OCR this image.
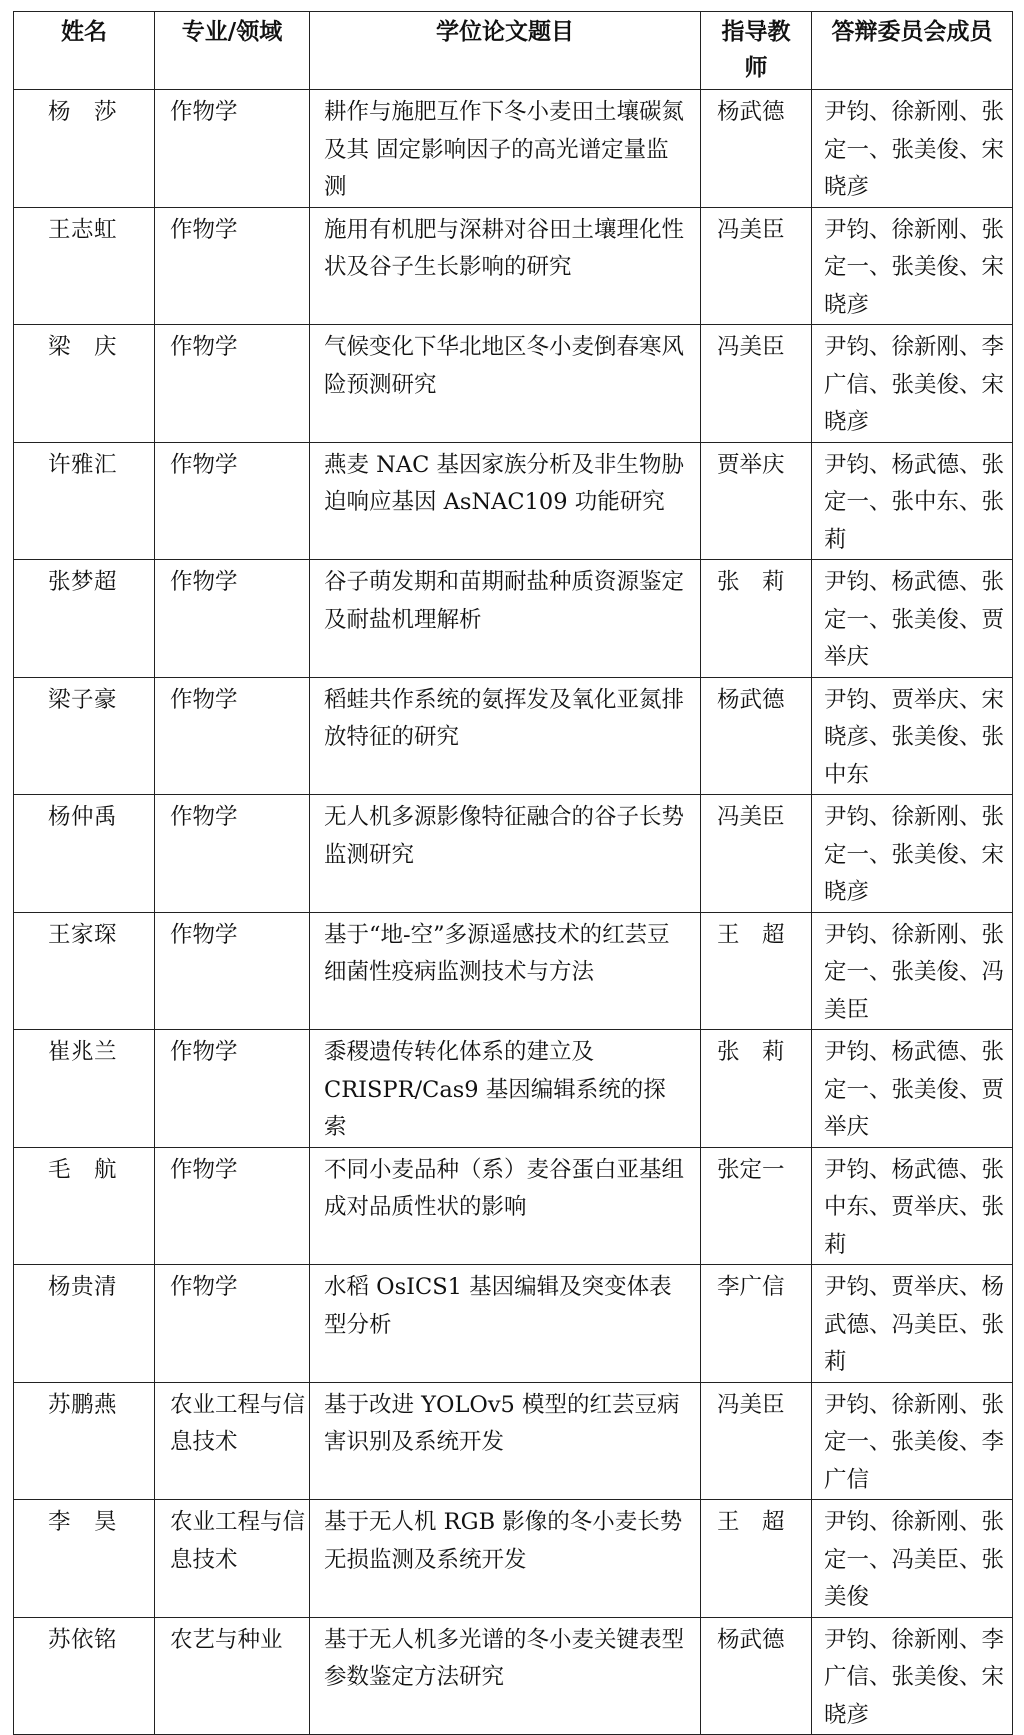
姓名	专业/领域	学位论文题目	指导教师	答辩委员会成员
杨　莎	作物学	耕作与施肥互作下冬小麦田土壤碳氮及其 固定影响因子的高光谱定量监测	杨武德	尹钧、徐新刚、张定一、张美俊、宋晓彦
王志虹	作物学	施用有机肥与深耕对谷田土壤理化性状及谷子生长影响的研究	冯美臣	尹钧、徐新刚、张定一、张美俊、宋晓彦
梁　庆	作物学	气候变化下华北地区冬小麦倒春寒风险预测研究	冯美臣	尹钧、徐新刚、李广信、张美俊、宋晓彦
许雅汇	作物学	燕麦 NAC 基因家族分析及非生物胁迫响应基因 AsNAC109 功能研究	贾举庆	尹钧、杨武德、张定一、张中东、张莉
张梦超	作物学	谷子萌发期和苗期耐盐种质资源鉴定及耐盐机理解析	张　莉	尹钧、杨武德、张定一、张美俊、贾举庆
梁子豪	作物学	稻蛙共作系统的氨挥发及氧化亚氮排放特征的研究	杨武德	尹钧、贾举庆、宋晓彦、张美俊、张中东
杨仲禹	作物学	无人机多源影像特征融合的谷子长势监测研究	冯美臣	尹钧、徐新刚、张定一、张美俊、宋晓彦
王家琛	作物学	基于“地-空”多源遥感技术的红芸豆细菌性疫病监测技术与方法	王　超	尹钧、徐新刚、张定一、张美俊、冯美臣
崔兆兰	作物学	黍稷遗传转化体系的建立及 CRISPR/Cas9 基因编辑系统的探索	张　莉	尹钧、杨武德、张定一、张美俊、贾举庆
毛　航	作物学	不同小麦品种（系）麦谷蛋白亚基组成对品质性状的影响	张定一	尹钧、杨武德、张中东、贾举庆、张莉
杨贵清	作物学	水稻 OsICS1 基因编辑及突变体表型分析	李广信	尹钧、贾举庆、杨武德、冯美臣、张莉
苏鹏燕	农业工程与信息技术	基于改进 YOLOv5 模型的红芸豆病害识别及系统开发	冯美臣	尹钧、徐新刚、张定一、张美俊、李广信
李　昊	农业工程与信息技术	基于无人机 RGB 影像的冬小麦长势无损监测及系统开发	王　超	尹钧、徐新刚、张定一、冯美臣、张美俊
苏依铭	农艺与种业	基于无人机多光谱的冬小麦关键表型参数鉴定方法研究	杨武德	尹钧、徐新刚、李广信、张美俊、宋晓彦
